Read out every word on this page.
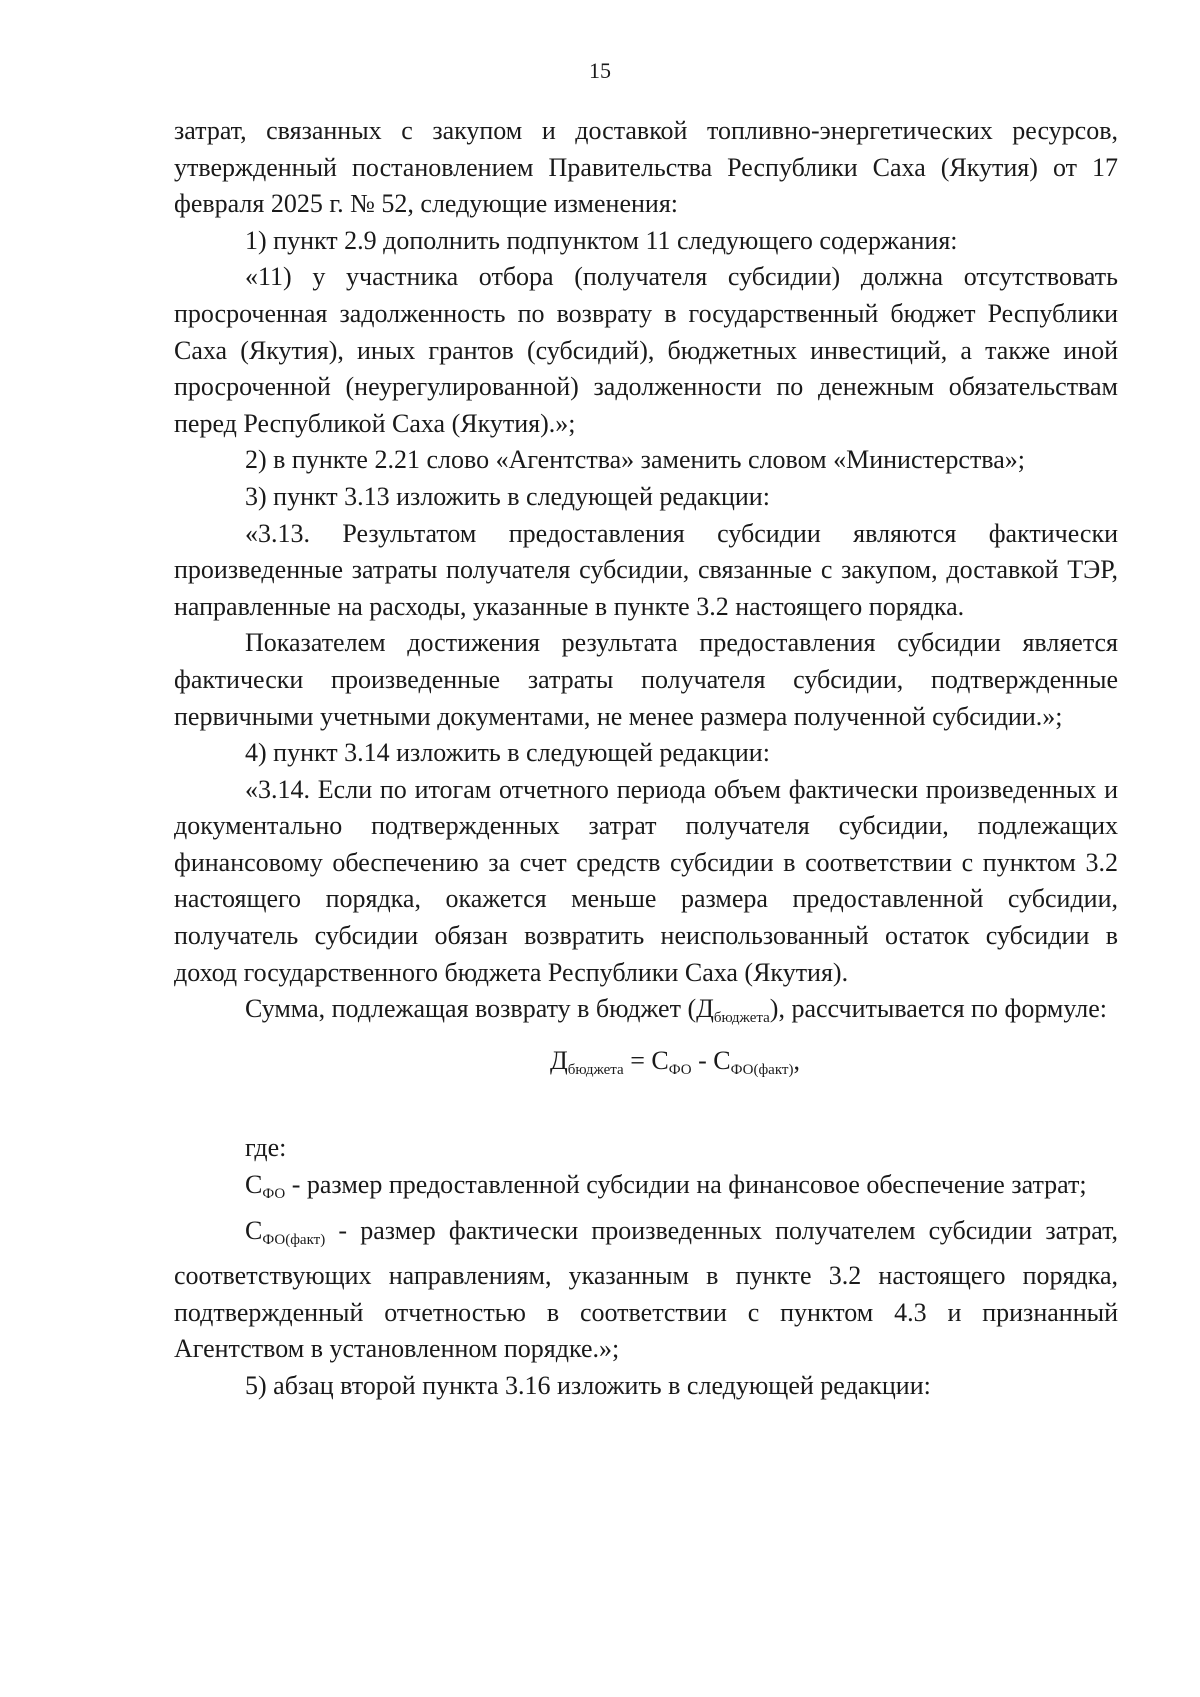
15

затрат, связанных с закупом и доставкой топливно-энергетических ресурсов, утвержденный постановлением Правительства Республики Саха (Якутия) от 17 февраля 2025 г. № 52, следующие изменения:

1) пункт 2.9 дополнить подпунктом 11 следующего содержания:

«11) у участника отбора (получателя субсидии) должна отсутствовать просроченная задолженность по возврату в государственный бюджет Республики Саха (Якутия), иных грантов (субсидий), бюджетных инвестиций, а также иной просроченной (неурегулированной) задолженности по денежным обязательствам перед Республикой Саха (Якутия).»;

2) в пункте 2.21 слово «Агентства» заменить словом «Министерства»;

3) пункт 3.13 изложить в следующей редакции:

«3.13. Результатом предоставления субсидии являются фактически произведенные затраты получателя субсидии, связанные с закупом, доставкой ТЭР, направленные на расходы, указанные в пункте 3.2 настоящего порядка.

Показателем достижения результата предоставления субсидии является фактически произведенные затраты получателя субсидии, подтвержденные первичными учетными документами, не менее размера полученной субсидии.»;

4) пункт 3.14 изложить в следующей редакции:

«3.14. Если по итогам отчетного периода объем фактически произведенных и документально подтвержденных затрат получателя субсидии, подлежащих финансовому обеспечению за счет средств субсидии в соответствии с пунктом 3.2 настоящего порядка, окажется меньше размера предоставленной субсидии, получатель субсидии обязан возвратить неиспользованный остаток субсидии в доход государственного бюджета Республики Саха (Якутия).

Сумма, подлежащая возврату в бюджет $(Д_{бюджета})$, рассчитывается по формуле:

$Д_{бюджета} = С_{ФО} - С_{ФО(факт)}$,

где:

$С_{ФО}$ - размер предоставленной субсидии на финансовое обеспечение затрат;

$С_{ФО(факт)}$ - размер фактически произведенных получателем субсидии затрат, соответствующих направлениям, указанным в пункте 3.2 настоящего порядка, подтвержденный отчетностью в соответствии с пунктом 4.3 и признанный Агентством в установленном порядке.»;

5) абзац второй пункта 3.16 изложить в следующей редакции:
